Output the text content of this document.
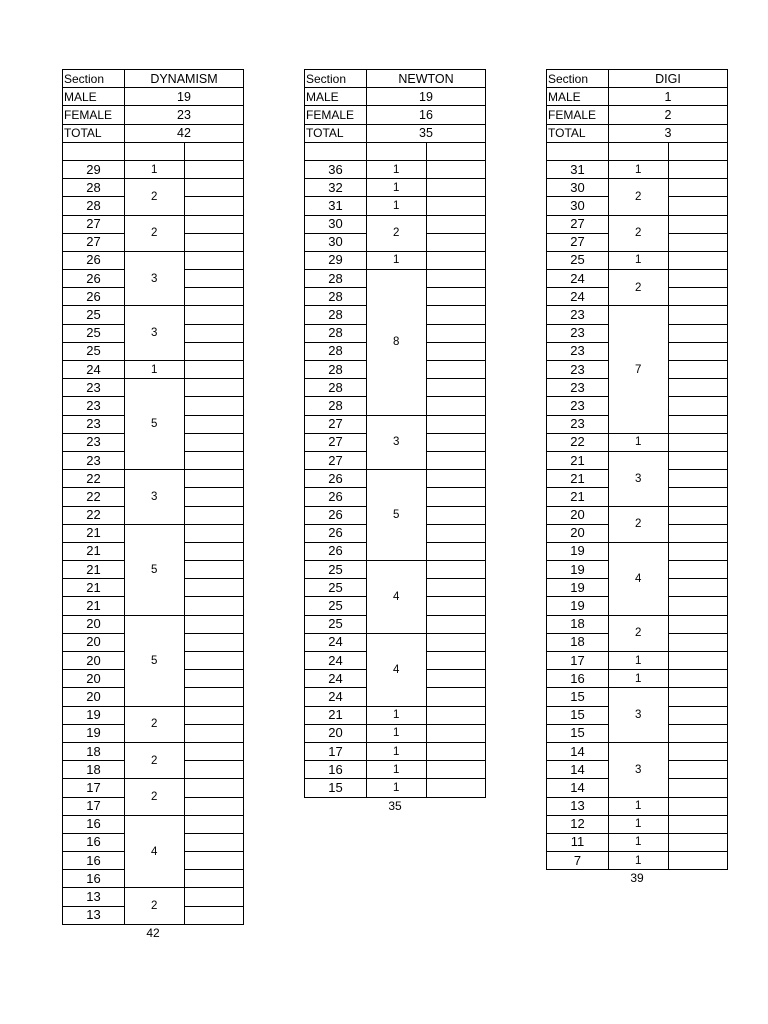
Section	DYNAMISM	
MALE	19	
FEMALE	23	
TOTAL	42	

29	1	
28	2	
28		
27	2	
27		
26	3	
26		
26		
25	3	
25		
25		
24	1	
23	5	
23		
23		
23		
23		
22	3	
22		
22		
21	5	
21		
21		
21		
21		
20	5	
20		
20		
20		
20		
19	2	
19		
18	2	
18		
17	2	
17		
16	4	
16		
16		
16		
13	2	
13		
42
Section	NEWTON	
MALE	19	
FEMALE	16	
TOTAL	35	

36	1	
32	1	
31	1	
30	2	
30		
29	1	
28	8	
28		
28		
28		
28		
28		
28		
28		
27	3	
27		
27		
26	5	
26		
26		
26		
26		
25	4	
25		
25		
25		
24	4	
24		
24		
24		
21	1	
20	1	
17	1	
16	1	
15	1	
35
Section	DIGI	
MALE	1	
FEMALE	2	
TOTAL	3	

31	1	
30	2	
30		
27	2	
27		
25	1	
24	2	
24		
23	7	
23		
23		
23		
23		
23		
23		
22	1	
21	3	
21		
21		
20	2	
20		
19	4	
19		
19		
19		
18	2	
18		
17	1	
16	1	
15	3	
15		
15		
14	3	
14		
14		
13	1	
12	1	
11	1	
7	1	
39
